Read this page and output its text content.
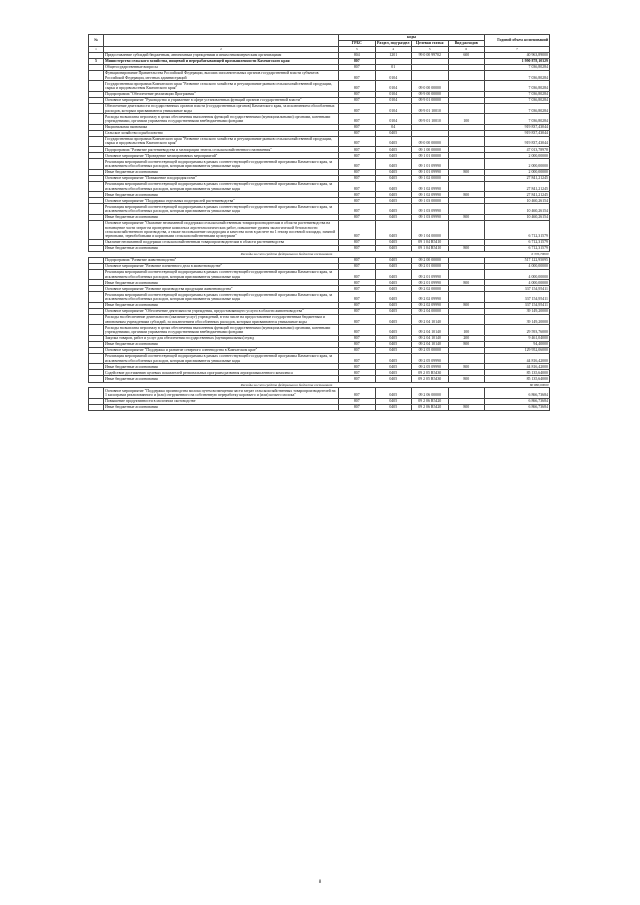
№		коды				Годовой объем ассигнований
		ГРБС	Раздел, под-раздел	Целевая статья	Вид расходов	
1	2	3	4	5	6	7
	Предоставление субсидий бюджетным, автономным учреждениям и иным некоммерческим организациям	804	1201	99 0 00 99702	600	40 963,89000
5	Министерство сельского хозяйства, пищевой и перерабатывающей промышленности Камчатского края	807				1 990 878,10329
	Общегосударственные вопросы	807	01			7 036,80284
	Функционирование Правительства Российской Федерации, высших исполнительных органов государственной власти субъектов Российской Федерации, местных администраций	807	0104			7 036,80284
	Государственная программа Камчатского края "Развитие сельского хозяйства и регулирование рынков сельскохозяйственной продукции, сырья и продовольствия Камчатского края"	807	0104	09 0 00 00000		7 036,80284
	Подпрограмма "Обеспечение реализации Программы"	807	0104	09 9 00 00000		7 036,80284
	Основное мероприятие "Руководство и управление в сфере установленных функций органов государственной власти"	807	0104	09 9 01 00000		7 036,80284
	Обеспечение деятельности государственных органов власти (государственных органов) Камчатского края, за исключением обособленных расходов, которым присваиваются уникальные коды	807	0104	09 9 01 10010		7 036,80284
	Расходы на выплаты персоналу в целях обеспечения выполнения функций государственными (муниципальными) органами, казенными учреждениями, органами управления государственными внебюджетными фондами	807	0104	09 9 01 10010	100	7 036,80284
	Национальная экономика	807	04			919 837,43044
	Сельское хозяйство и рыболовство	807	0405			919 837,43044
	Государственная программа Камчатского края "Развитие сельского хозяйства и регулирование рынков сельскохозяйственной продукции, сырья и продовольствия Камчатского края"	807	0405	09 0 00 00000		919 837,43044
	Подпрограмма "Развитие растениеводства и мелиорации земель сельскохозяйственного назначения"	807	0405	09 1 00 00000		47 013,78978
	Основное мероприятие "Проведение мелиоративных мероприятий"	807	0405	09 1 01 00000		2 000,00000
	Реализация мероприятий соответствующей подпрограммы в рамках соответствующей государственной программы Камчатского края, за исключением обособленных расходов, которым присваиваются уникальные коды	807	0405	09 1 01 09990		2 000,00000
	Иные бюджетные ассигнования	807	0405	09 1 01 09990	800	2 000,00000
	Основное мероприятие "Повышение плодородия почв"	807	0405	09 1 02 00000		27 841,21245
	Реализация мероприятий соответствующей подпрограммы в рамках соответствующей государственной программы Камчатского края, за исключением обособленных расходов, которым присваиваются уникальные коды	807	0405	09 1 02 09990		27 841,21245
	Иные бюджетные ассигнования	807	0405	09 1 02 09990	800	27 841,21245
	Основное мероприятие "Поддержка отдельных подотраслей растениеводства"	807	0405	09 1 03 00000		10 460,26154
	Реализация мероприятий соответствующей подпрограммы в рамках соответствующей государственной программы Камчатского края, за исключением обособленных расходов, которым присваиваются уникальные коды	807	0405	09 1 03 09990		10 460,26154
	Иные бюджетные ассигнования	807	0405	09 1 03 09990	800	10 460,26154
	Основное мероприятие "Оказание несвязанной поддержки сельскохозяйственным товаропроизводителям в области растениеводства на возмещение части затрат на проведение комплекса агротехнологических работ, повышение уровня экологической безопасности сельскохозяйственного производства, а также на повышение плодородия и качества почв в расчете на 1 гектар посевной площади, занятой зерновыми, зернобобовыми и кормовыми сельскохозяйственными культурами"	807	0405	09 1 04 00000		6 712,31579
	Оказание несвязанной поддержки сельскохозяйственным товаропроизводителям в области растениеводства	807	0405	09 1 04 R5410		6 712,31579
	Иные бюджетные ассигнования	807	0405	09 1 04 R5410	800	6 712,31579
Расходы за счет средств федерального бюджета составляют						6 376,70000
	Подпрограмма "Развитие животноводства"	807	0405	09 2 00 00000		517 122,95095
	Основное мероприятие "Развитие племенного дела в животноводстве"	807	0405	09 2 01 00000		4 000,00000
	Реализация мероприятий соответствующей подпрограммы в рамках соответствующей государственной программы Камчатского края, за исключением обособленных расходов, которым присваиваются уникальные коды	807	0405	09 2 01 09990		4 000,00000
	Иные бюджетные ассигнования	807	0405	09 2 01 09990	800	4 000,00000
	Основное мероприятие "Развитие производства продукции животноводства"	807	0405	09 2 02 00000		337 154,95411
	Реализация мероприятий соответствующей подпрограммы в рамках соответствующей государственной программы Камчатского края, за исключением обособленных расходов, которым присваиваются уникальные коды	807	0405	09 2 02 09990		337 154,95411
	Иные бюджетные ассигнования	807	0405	09 2 02 09990	800	337 154,95411
	Основное мероприятие "Обеспечение деятельности учреждения, предоставляющего услуги в области животноводства"	807	0405	09 2 04 00000		39 149,20000
	Расходы на обеспечение деятельности (оказание услуг) учреждений, в том числе на предоставление государственным бюджетным и автономным учреждениям субсидий, за исключением обособленных расходов, которым присваиваются уникальные коды	807	0405	09 2 04 10140		39 149,20000
	Расходы на выплаты персоналу в целях обеспечения выполнения функций государственными (муниципальными) органами, казенными учреждениями, органами управления государственными внебюджетными фондами	807	0405	09 2 04 10140	100	29 593,76000
	Закупка товаров, работ и услуг для обеспечения государственных (муниципальных) нужд	807	0405	09 2 04 10140	200	9 461,04000
	Иные бюджетные ассигнования	807	0405	09 2 04 10140	800	94,40000
	Основное мероприятие "Поддержка и развитие северного оленеводства в Камчатском крае"	807	0405	09 2 05 00000		129 952,06000
	Реализация мероприятий соответствующей подпрограммы в рамках соответствующей государственной программы Камчатского края, за исключением обособленных расходов, которым присваиваются уникальные коды	807	0405	09 2 05 09990		44 816,42000
	Иные бюджетные ассигнования	807	0405	09 2 05 09990	800	44 816,42000
	Содействие достижению целевых показателей региональных программ развития агропромышленного комплекса	807	0405	09 2 05 R5430		85 135,64000
	Иные бюджетные ассигнования	807	0405	09 2 05 R5430	800	85 135,64000
Расходы за счет средств федерального бюджета составляют						80 880,00000
	Основное мероприятие "Поддержка производства молока путем возмещения части затрат сельскохозяйственных товаропроизводителей на 1 килограмм реализованного и (или) отгруженного на собственную переработку коровьего и (или) козьего молока"	807	0405	09 2 06 00000		6 866,73684
	Повышение продуктивности в молочном скотоводстве	807	0405	09 2 06 R5420		6 866,73684
	Иные бюджетные ассигнования	807	0405	09 2 06 R5420	800	6 866,73684
8
